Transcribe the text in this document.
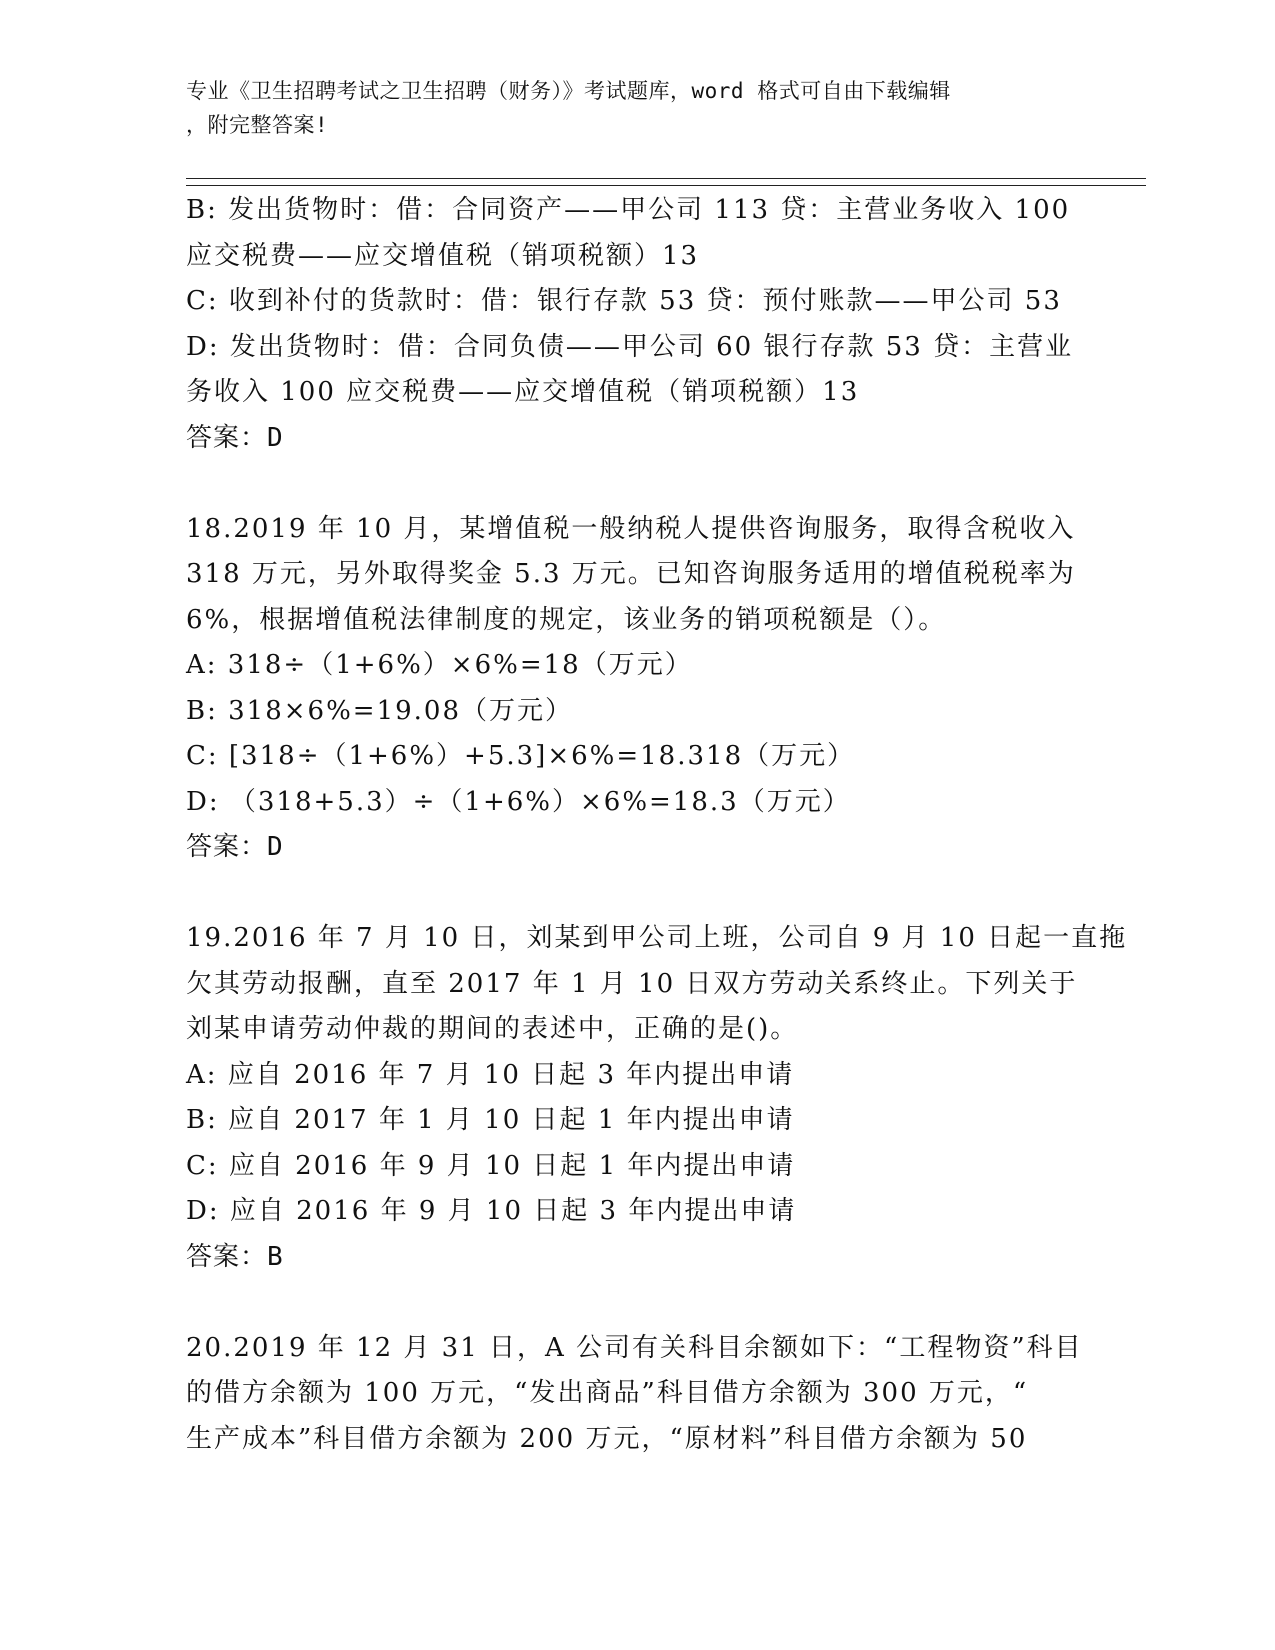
专业《卫生招聘考试之卫生招聘（财务）》考试题库，word 格式可自由下载编辑
，附完整答案!
B: 发出货物时：借：合同资产——甲公司 113 贷：主营业务收入 100
应交税费——应交增值税（销项税额）13
C: 收到补付的货款时：借：银行存款 53 贷：预付账款——甲公司 53
D: 发出货物时：借：合同负债——甲公司 60 银行存款 53 贷：主营业
务收入 100 应交税费——应交增值税（销项税额）13
答案：D
18.2019 年 10 月，某增值税一般纳税人提供咨询服务，取得含税收入
318 万元，另外取得奖金 5.3 万元。已知咨询服务适用的增值税税率为
6%，根据增值税法律制度的规定，该业务的销项税额是（）。
A: 318÷（1+6%）×6%=18（万元）
B: 318×6%=19.08（万元）
C: [318÷（1+6%）+5.3]×6%=18.318（万元）
D: （318+5.3）÷（1+6%）×6%=18.3（万元）
答案：D
19.2016 年 7 月 10 日，刘某到甲公司上班，公司自 9 月 10 日起一直拖
欠其劳动报酬，直至 2017 年 1 月 10 日双方劳动关系终止。下列关于
刘某申请劳动仲裁的期间的表述中，正确的是()。
A: 应自 2016 年 7 月 10 日起 3 年内提出申请
B: 应自 2017 年 1 月 10 日起 1 年内提出申请
C: 应自 2016 年 9 月 10 日起 1 年内提出申请
D: 应自 2016 年 9 月 10 日起 3 年内提出申请
答案：B
20.2019 年 12 月 31 日，A 公司有关科目余额如下：“工程物资”科目
的借方余额为 100 万元，“发出商品”科目借方余额为 300 万元，“
生产成本”科目借方余额为 200 万元，“原材料”科目借方余额为 50
